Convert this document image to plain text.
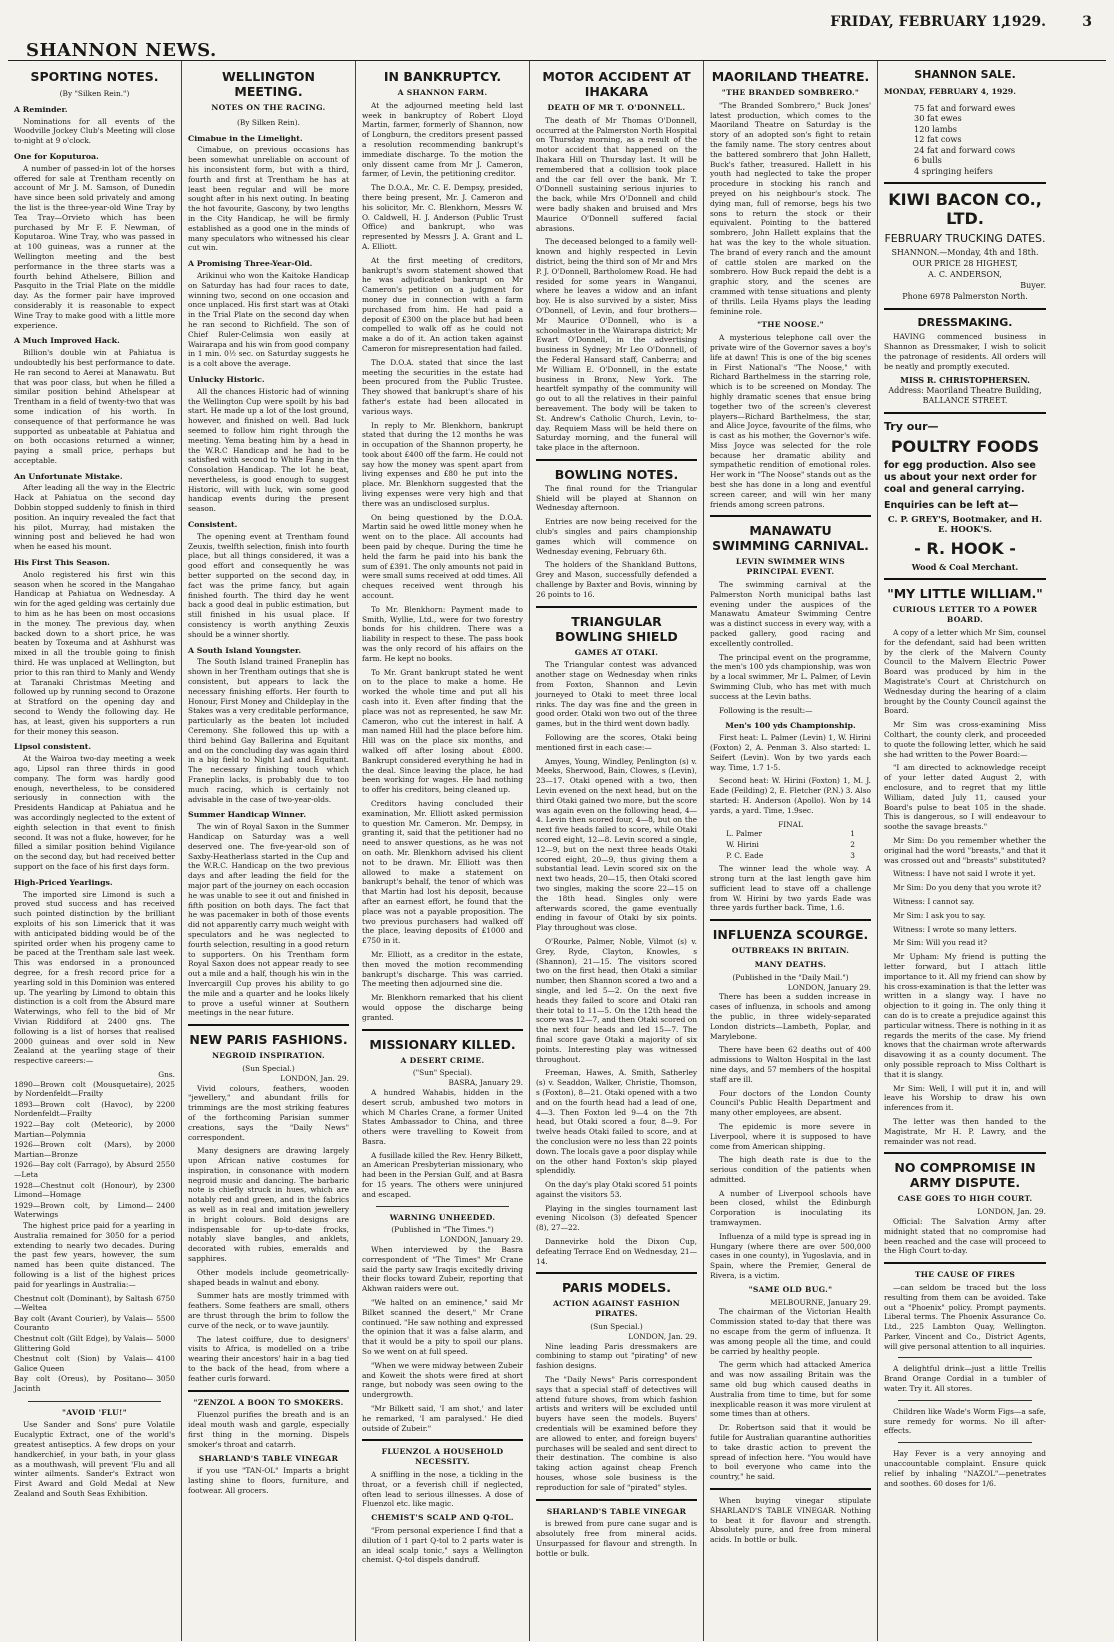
SHANNON NEWS.
FRIDAY, FEBRUARY 1,
1929.	3
SPORTING NOTES.
(By "Silken Rein.")
A Reminder.

Nominations for all events of the Woodville Jockey Club's Meeting will close to-night at 9 o'clock.

One for Koputuroa.

A number of passed-in lot of the horses offered for sale at Trentham recently on account of Mr J. M. Samson, of Dunedin have since been sold privately and among the list is the three-year-old Wine Tray by Tea Tray—Orvieto which has been purchased by Mr F. F. Newman, of Koputaroa. Wine Tray, who was passed in at 100 guineas, was a runner at the Wellington meeting and the best performance in the three starts was a fourth behind Athelsere, Billion and Pasquito in the Trial Plate on the middle day. As the former pair have improved considerably it is reasonable to expect Wine Tray to make good with a little more experience.

A Much Improved Hack.

Billion's double win at Pahiatua is undoubtedly his best performance to date. He ran second to Aerei at Manawatu. But that was poor class, but when he filled a similar position behind Athelspear at Trentham in a field of twenty-two that was some indication of his worth. In consequence of that performance he was supported as unbeatable at Pahiatua and on both occasions returned a winner, paying a small price, perhaps but acceptable.

An Unfortunate Mistake.

After leading all the way in the Electric Hack at Pahiatua on the second day Dobbin stopped suddenly to finish in third position. An inquiry revealed the fact that his pilot, Murray, had mistaken the winning post and believed he had won when he eased his mount.

His First This Season.

Anolo registered his first win this season when he scored in the Mangahao Handicap at Pahiatua on Wednesday. A win for the aged gelding was certainly due to him as he has been on most occasions in the money. The previous day, when backed down to a short price, he was beaten by Toxeuma and at Ashhurst was mixed in all the trouble going to finish third. He was unplaced at Wellington, but prior to this ran third to Manly and Wendy at Taranaki Christmas Meeting and followed up by running second to Orazone at Stratford on the opening day and second to Wendy the following day. He has, at least, given his supporters a run for their money this season.

Lipsol consistent.

At the Wairoa two-day meeting a week ago, Lipsol ran three thirds in good company. The form was hardly good enough, nevertheless, to be considered seriously in connection with the Presidents Handicap at Pahiatua and he was accordingly neglected to the extent of eighth selection in that event to finish second. It was not a fluke, however, for he filled a similar position behind Vigilance on the second day, but had received better support on the face of his first days form.

High-Priced Yearlings.

The imported sire Limond is such a proved stud success and has received such pointed distinction by the brilliant exploits of his son Limerick that it was with anticipated bidding would be of the spirited order when his progeny came to be paced at the Trentham sale last week. This was endorsed in a pronounced degree, for a fresh record price for a yearling sold in this Dominion was entered up. The yearling by Limond to obtain this distinction is a colt from the Absurd mare Waterwings, who fell to the bid of Mr Vivian Riddiford at 2400 gns. The following is a list of horses that realised 2000 guineas and over sold in New Zealand at the yearling stage of their respective careers:—

Gns.
1890—Brown colt (Mousquetaire), by Nordenfeldt—Frailty	2025
1893—Brown colt (Havoc), by Nordenfeldt—Frailty	2200
1922—Bay colt (Meteoric), by Martian—Polymnia	2000
1926—Brown colt (Mars), by Martian—Bronze	2000
1926—Bay colt (Farrago), by Absurd—Leta	2550
1928—Chestnut colt (Honour), by Limond—Homage	2300
1929—Brown colt, by Limond—Waterwings	2400

The highest price paid for a yearling in Australia remained for 3050 for a period extending to nearly two decades. During the past few years, however, the sum named has been quite distanced. The following is a list of the highest prices paid for yearlings in Australia:—

Chestnut colt (Dominant), by Saltash—Weltea	6750
Bay colt (Avant Courier), by Valais—Couranto	5500
Chestnut colt (Gilt Edge), by Valais—Glittering Gold	5000
Chestnut colt (Sion) by Valais—Galice Queen	4100
Bay colt (Oreus), by Positano—Jacinth	3050
"AVOID 'FLU!"

Use Sander and Sons' pure Volatile Eucalyptic Extract, one of the world's greatest antiseptics. A few drops on your handkerchief, in your bath, in your glass as a mouthwash, will prevent 'Flu and all winter ailments. Sander's Extract won First Award and Gold Medal at New Zealand and South Seas Exhibition.

WELLINGTON MEETING.
NOTES ON THE RACING.
(By Silken Rein).
Cimabue in the Limelight.

Cimabue, on previous occasions has been somewhat unreliable on account of his inconsistent form, but with a third, fourth and first at Trentham he has at least been regular and will be more sought after in his next outing. In beating the hot favourite, Gascony, by two lengths in the City Handicap, he will be firmly established as a good one in the minds of many speculators who witnessed his clear cut win.

A Promising Three-Year-Old.

Arikinui who won the Kaitoke Handicap on Saturday has had four races to date, winning two, second on one occasion and once unplaced. His first start was at Otaki in the Trial Plate on the second day when he ran second to Richfield. The son of Chief Ruler-Celimsia won easily at Wairarapa and his win from good company in 1 min. 0½ sec. on Saturday suggests he is a colt above the average.

Unlucky Historic.

All the chances Historic had of winning the Wellington Cup were spoilt by his bad start. He made up a lot of the lost ground, however, and finished on well. Bad luck seemed to follow him right through the meeting. Yema beating him by a head in the W.R.C Handicap and he had to be satisfied with second to White Fang in the Consolation Handicap. The lot he beat, nevertheless, is good enough to suggest Historic, will with luck, win some good handicap events during the present season.

Consistent.

The opening event at Trentham found Zeuxis, twelfth selection, finish into fourth place, but all things considered, it was a good effort and consequently he was better supported on the second day, in fact was the prime fancy, but again finished fourth. The third day he went back a good deal in public estimation, but still finished in his usual place. If consistency is worth anything Zeuxis should be a winner shortly.

A South Island Youngster.

The South Island trained Franeplin has shown in her Trentham outings that she is consistent, but appears to lack the necessary finishing efforts. Her fourth to Honour, First Money and Childeplay in the Stakes was a very creditable performance, particularly as the beaten lot included Ceremony. She followed this up with a third behind Gay Ballerina and Equitant and on the concluding day was again third in a big field to Night Lad and Equitant. The necessary finishing touch which Franeplin lacks, is probably due to too much racing, which is certainly not advisable in the case of two-year-olds.

Summer Handicap Winner.

The win of Royal Saxon in the Summer Handicap on Saturday was a well deserved one. The five-year-old son of Saxby-Heatherlass started in the Cup and the W.R.C. Handicap on the two previous days and after leading the field for the major part of the journey on each occasion he was unable to see it out and finished in fifth position on both days. The fact that he was pacemaker in both of those events did not apparently carry much weight with speculators and he was neglected to fourth selection, resulting in a good return to supporters. On his Trentham form Royal Saxon does not appear ready to see out a mile and a half, though his win in the Invercargill Cup proves his ability to go the mile and a quarter and he looks likely to prove a useful winner at Southern meetings in the near future.

NEW PARIS FASHIONS.
NEGROID INSPIRATION.
(Sun Special.)
LONDON, Jan. 29.

Vivid colours, feathers, wooden "jewellery," and abundant frills for trimmings are the most striking features of the forthcoming Parisian summer creations, says the "Daily News" correspondent.

Many designers are drawing largely upon African native costumes for inspiration, in consonance with modern negroid music and dancing. The barbaric note is chiefly struck in hues, which are notably red and green, and in the fabrics as well as in real and imitation jewellery in bright colours. Bold designs are indispensable for up-to-date frocks, notably slave bangles, and anklets, decorated with rubies, emeralds and sapphires.

Other models include geometrically-shaped beads in walnut and ebony.

Summer hats are mostly trimmed with feathers. Some feathers are small, others are thrust through the brim to follow the curve of the neck, or to wave jauntily.

The latest coiffure, due to designers' visits to Africa, is modelled on a tribe wearing their ancestors' hair in a bag tied to the back of the head, from where a feather curls forward.

"ZENZOL A BOON TO SMOKERS.

Fluenzol purifies the breath and is an ideal mouth wash and gargle, especially first thing in the morning. Dispels smoker's throat and catarrh.

SHARLAND'S TABLE VINEGAR

if you use "TAN-OL" Imparts a bright lasting shine to floors, furniture, and footwear. All grocers.

IN BANKRUPTCY.
A SHANNON FARM.

At the adjourned meeting held last week in bankruptcy of Robert Lloyd Martin, farmer, formerly of Shannon, now of Longburn, the creditors present passed a resolution recommending bankrupt's immediate discharge. To the motion the only dissent came from Mr J. Cameron, farmer, of Levin, the petitioning creditor.

The D.O.A., Mr. C. E. Dempsy, presided, there being present, Mr. J. Cameron and his solicitor, Mr. C. Blenkhorn, Messrs W. O. Caldwell, H. J. Anderson (Public Trust Office) and bankrupt, who was represented by Messrs J. A. Grant and L. A. Elliott.

At the first meeting of creditors, bankrupt's sworn statement showed that he was adjudicated bankrupt on Mr Cameron's petition on a judgment for money due in connection with a farm purchased from him. He had paid a deposit of £300 on the place but had been compelled to walk off as he could not make a do of it. An action taken against Cameron for misrepresentation had failed.

The D.O.A. stated that since the last meeting the securities in the estate had been procured from the Public Trustee. They showed that bankrupt's share of his father's estate had been allocated in various ways.

In reply to Mr. Blenkhorn, bankrupt stated that during the 12 months he was in occupation of the Shannon property, he took about £400 off the farm. He could not say how the money was spent apart from living expenses and £80 he put into the place. Mr. Blenkhorn suggested that the living expenses were very high and that there was an undisclosed surplus.

On being questioned by the D.O.A. Martin said he owed little money when he went on to the place. All accounts had been paid by cheque. During the time he held the farm he paid into his bank the sum of £391. The only amounts not paid in were small sums received at odd times. All cheques received went through his account.

To Mr. Blenkhorn: Payment made to Smith, Wyllie, Ltd., were for two forestry bonds for his children. There was a liability in respect to these. The pass book was the only record of his affairs on the farm. He kept no books.

To Mr. Grant bankrupt stated he went on to the place to make a home. He worked the whole time and put all his cash into it. Even after finding that the place was not as represented, he saw Mr. Cameron, who cut the interest in half. A man named Hill had the place before him. Hill was on the place six months, and walked off after losing about £800. Bankrupt considered everything he had in the deal. Since leaving the place, he had been working for wages. He had nothing to offer his creditors, being cleaned up.

Creditors having concluded their examination, Mr. Elliott asked permission to question Mr. Cameron. Mr. Dempsy, in granting it, said that the petitioner had no need to answer questions, as he was not on oath. Mr. Blenkhorn advised his client not to be drawn. Mr. Elliott was then allowed to make a statement on bankrupt's behalf, the tenor of which was that Martin had lost his deposit, because after an earnest effort, he found that the place was not a payable proposition. The two previous purchasers had walked off the place, leaving deposits of £1000 and £750 in it.

Mr. Elliott, as a creditor in the estate, then moved the motion recommending bankrupt's discharge. This was carried. The meeting then adjourned sine die.

Mr. Blenkhorn remarked that his client would oppose the discharge being granted.

MISSIONARY KILLED.
A DESERT CRIME.
("Sun" Special).
BASRA, January 29.

A hundred Wahabis, hidden in the desert scrub, ambushed two motors in which M Charles Crane, a former United States Ambassador to China, and three others were travelling to Koweit from Basra.

A fusillade killed the Rev. Henry Bilkett, an American Presbyterian missionary, who had been in the Persian Gulf, and at Basra for 15 years. The others were uninjured and escaped.

WARNING UNHEEDED.
(Published in "The Times.")
LONDON, January 29.

When interviewed by the Basra correspondent of "The Times" Mr Crane said the party saw Iraqis excitedly driving their flocks toward Zubeir, reporting that Akhwan raiders were out.

"We halted on an eminence," said Mr Bilket scanned the desert," Mr Crane continued. "He saw nothing and expressed the opinion that it was a false alarm, and that it would be a pity to spoil our plans. So we went on at full speed.

"When we were midway between Zubeir and Koweit the shots were fired at short range, but nobody was seen owing to the undergrowth.

"Mr Bilkett said, 'I am shot,' and later he remarked, 'I am paralysed.' He died outside of Zubeir."

FLUENZOL A HOUSEHOLD NECESSITY.

A sniffling in the nose, a tickling in the throat, or a feverish chill if neglected, often lead to serious illnesses. A dose of Fluenzol etc. like magic.

CHEMIST'S SCALP AND Q-TOL.

"From personal experience I find that a dilution of 1 part Q-tol to 2 parts water is an ideal scalp tonic," says a Wellington chemist. Q-tol dispels dandruff.

MOTOR ACCIDENT AT IHAKARA
DEATH OF MR T. O'DONNELL.

The death of Mr Thomas O'Donnell, occurred at the Palmerston North Hospital on Thursday morning, as a result of the motor accident that happened on the Ihakara Hill on Thursday last. It will be remembered that a collision took place and the car fell over the bank. Mr T. O'Donnell sustaining serious injuries to the back, while Mrs O'Donnell and child were badly shaken and bruised and Mrs Maurice O'Donnell suffered facial abrasions.

The deceased belonged to a family well-known and highly respected in Levin district, being the third son of Mr and Mrs P. J. O'Donnell, Bartholomew Road. He had resided for some years in Wanganui, where he leaves a widow and an infant boy. He is also survived by a sister, Miss O'Donnell, of Levin, and four brothers—Mr Maurice O'Donnell, who is a schoolmaster in the Wairarapa district; Mr Ewart O'Donnell, in the advertising business in Sydney; Mr Leo O'Donnell, of the Federal Hansard staff, Canberra; and Mr William E. O'Donnell, in the estate business in Bronx, New York. The heartfelt sympathy of the community will go out to all the relatives in their painful bereavement. The body will be taken to St. Andrew's Catholic Church, Levin, to-day. Requiem Mass will be held there on Saturday morning, and the funeral will take place in the afternoon.

BOWLING NOTES.

The final round for the Triangular Shield will be played at Shannon on Wednesday afternoon.

Entries are now being received for the club's singles and pairs championship games which will commence on Wednesday evening, February 6th.

The holders of the Shankland Buttons, Grey and Mason, successfully defended a challenge by Baxter and Bovis, winning by 26 points to 16.

TRIANGULAR BOWLING SHIELD
GAMES AT OTAKI.

The Triangular contest was advanced another stage on Wednesday when rinks from Foxton, Shannon and Levin journeyed to Otaki to meet three local rinks. The day was fine and the green in good order. Otaki won two out of the three games, but in the third went down badly.

Following are the scores, Otaki being mentioned first in each case:—

Amyes, Young, Windley, Penlington (s) v. Meeks, Sherwood, Bain, Clowes, s (Levin), 23—17. Otaki opened with a two, then Levin evened on the next head, but on the third Otaki gained two more, but the score was again even on the following head, 4—4. Levin then scored four, 4—8, but on the next five heads failed to score, while Otaki scored eight, 12—8. Levin scored a single, 12—9, but on the next three heads Otaki scored eight, 20—9, thus giving them a substantial lead. Levin scored six on the next two heads, 20—15, then Otaki scored two singles, making the score 22—15 on the 18th head. Singles only were afterwards scored, the game eventually ending in favour of Otaki by six points. Play throughout was close.

O'Rourke, Palmer, Noble, Vilmot (s) v. Grey, Ryde, Clayton, Knowles, s (Shannon), 21—15. The visitors scored two on the first head, then Otaki a similar number, then Shannon scored a two and a single, and led 5—2. On the next five heads they failed to score and Otaki ran their total to 11—5. On the 12th head the score was 12—7, and then Otaki scored on the next four heads and led 15—7. The final score gave Otaki a majority of six points. Interesting play was witnessed throughout.

Freeman, Hawes, A. Smith, Satherley (s) v. Seaddon, Walker, Christie, Thomson, s (Foxton), 8—21. Otaki opened with a two and on the fourth head had a lead of one, 4—3. Then Foxton led 9—4 on the 7th head, but Otaki scored a four, 8—9. For twelve heads Otaki failed to score, and at the conclusion were no less than 22 points down. The locals gave a poor display while on the other hand Foxton's skip played splendidly.

On the day's play Otaki scored 51 points against the visitors 53.

Playing in the singles tournament last evening Nicolson (3) defeated Spencer (8), 27—22.

Dannevirke hold the Dixon Cup, defeating Terrace End on Wednesday, 21—14.

PARIS MODELS.
ACTION AGAINST FASHION PIRATES.
(Sun Special.)
LONDON, Jan. 29.

Nine leading Paris dressmakers are combining to stamp out "pirating" of new fashion designs.

The "Daily News" Paris correspondent says that a special staff of detectives will attend future shows, from which fashion artists and writers will be excluded until buyers have seen the models. Buyers' credentials will be examined before they are allowed to enter, and foreign buyers' purchases will be sealed and sent direct to their destination. The combine is also taking action against cheap French houses, whose sole business is the reproduction for sale of "pirated" styles.

SHARLAND'S TABLE VINEGAR

is brewed from pure cane sugar and is absolutely free from mineral acids. Unsurpassed for flavour and strength. In bottle or bulk.

MAORILAND THEATRE.
"THE BRANDED SOMBRERO."

"The Branded Sombrero," Buck Jones' latest production, which comes to the Maoriland Theatre on Saturday is the story of an adopted son's fight to retain the family name. The story centres about the battered sombrero that John Hallett, Buck's father, treasured. Hallett in his youth had neglected to take the proper procedure in stocking his ranch and preyed on his neighbour's stock. The dying man, full of remorse, begs his two sons to return the stock or their equivalent. Pointing to the battered sombrero, John Hallett explains that the hat was the key to the whole situation. The brand of every ranch and the amount of cattle stolen are marked on the sombrero. How Buck repaid the debt is a graphic story, and the scenes are crammed with tense situations and plenty of thrills. Leila Hyams plays the leading feminine role.

"THE NOOSE."

A mysterious telephone call over the private wire of the Governor saves a boy's life at dawn! This is one of the big scenes in First National's "The Noose," with Richard Barthelmess in the starring role, which is to be screened on Monday. The highly dramatic scenes that ensue bring together two of the screen's cleverest players—Richard Barthelmess, the star, and Alice Joyce, favourite of the films, who is cast as his mother, the Governor's wife. Miss Joyce was selected for the role because her dramatic ability and sympathetic rendition of emotional roles. Her work in "The Noose" stands out as the best she has done in a long and eventful screen career, and will win her many friends among screen patrons.

MANAWATU SWIMMING CARNIVAL.
LEVIN SWIMMER WINS PRINCIPAL EVENT.

The swimming carnival at the Palmerston North municipal baths last evening under the auspices of the Manawatu Amateur Swimming Centre was a distinct success in every way, with a packed gallery, good racing and excellently controlled.

The principal event on the programme, the men's 100 yds championship, was won by a local swimmer, Mr L. Palmer, of Levin Swimming Club, who has met with much success at the Levin baths.

Following is the result:—

Men's 100 yds Championship.

First heat: L. Palmer (Levin) 1, W. Hirini (Foxton) 2, A. Penman 3. Also started: L. Seifert (Levin). Won by two yards each way. Time, 1.7 1-5.

Second heat: W. Hirini (Foxton) 1, M. J. Eade (Feilding) 2, E. Fletcher (P.N.) 3. Also started: H. Anderson (Apollo). Won by 14 yards, a yard. Time, 1.9sec.

FINAL
L. Palmer	1
W. Hirini	2
P. C. Eade	3

The winner lead the whole way. A strong turn at the last length gave him sufficient lead to stave off a challenge from W. Hirini by two yards Eade was three yards further back. Time, 1.6.

INFLUENZA SCOURGE.
OUTBREAKS IN BRITAIN.
MANY DEATHS.
(Published in the "Daily Mail.")
LONDON, January 29.

There has been a sudden increase in cases of influenza, in schools and among the public, in three widely-separated London districts—Lambeth, Poplar, and Marylebone.

There have been 62 deaths out of 400 admissions to Walton Hospital in the last nine days, and 57 members of the hospital staff are ill.

Four doctors of the London County Council's Public Health Department and many other employees, are absent.

The epidemic is more severe in Liverpool, where it is supposed to have come from American shipping.

The high death rate is due to the serious condition of the patients when admitted.

A number of Liverpool schools have been closed, whilst the Edinburgh Corporation is inoculating its tramwaymen.

Influenza of a mild type is spread ing in Hungary (where there are over 500,000 cases in one county), in Yugoslavia, and in Spain, where the Premier, General de Rivera, is a victim.

"SAME OLD BUG."
MELBOURNE, January 29.

The chairman of the Victorian Health Commission stated to-day that there was no escape from the germ of influenza. It was among people all the time, and could be carried by healthy people.

The germ which had attacked America and was now assailing Britain was the same old bug which caused deaths in Australia from time to time, but for some inexplicable reason it was more virulent at some times than at others.

Dr. Robertson said that it would be futile for Australian quarantine authorities to take drastic action to prevent the spread of infection here. "You would have to boil everyone who came into the country," he said.

When buying vinegar stipulate SHARLAND'S TABLE VINEGAR. Nothing to beat it for flavour and strength. Absolutely pure, and free from mineral acids. In bottle or bulk.

SHANNON SALE.
MONDAY, FEBRUARY 4, 1929.
75 fat and forward ewes
30 fat ewes
120 lambs
12 fat cows
24 fat and forward cows
6 bulls
4 springing heifers
KIWI BACON CO., LTD.
FEBRUARY TRUCKING DATES.
SHANNON.—Monday, 4th and 18th.
OUR PRICE 28 HIGHEST,
A. C. ANDERSON,
Buyer.
Phone 6978 Palmerston North.
DRESSMAKING.

HAVING commenced business in Shannon as Dressmaker, I wish to solicit the patronage of residents. All orders will be neatly and promptly executed.

MISS R. CHRISTOPHERSEN.
Address: Maoriland Theatre Building, BALLANCE STREET.
Try our—
POULTRY FOODS
for egg production. Also see us about your next order for coal and general carrying.
Enquiries can be left at—
C. P. GREY'S, Bootmaker, and H. E. HOOK'S.
- R. HOOK -
Wood & Coal Merchant.
"MY LITTLE WILLIAM."
CURIOUS LETTER TO A POWER BOARD.

A copy of a letter which Mr Sim, counsel for the defendant, said had been written by the clerk of the Malvern County Council to the Malvern Electric Power Board was produced by him in the Magistrate's Court at Christchurch on Wednesday during the hearing of a claim brought by the County Council against the Board.

Mr Sim was cross-examining Miss Colthart, the county clerk, and proceeded to quote the following letter, which he said she had written to the Power Board:—

"I am directed to acknowledge receipt of your letter dated August 2, with enclosure, and to regret that my little William, dated July 11, caused your Board's pulse to beat 105 in the shade. This is dangerous, so I will endeavour to soothe the savage breasts."

Mr Sim: Do you remember whether the original had the word "breasts," and that it was crossed out and "breasts" substituted?

Witness: I have not said I wrote it yet.

Mr Sim: Do you deny that you wrote it?

Witness: I cannot say.

Mr Sim: I ask you to say.

Witness: I wrote so many letters.

Mr Sim: Will you read it?

Mr Upham: My friend is putting the letter forward, but I attach little importance to it. All my friend can show by his cross-examination is that the letter was written in a slangy way. I have no objection to it going in. The only thing it can do is to create a prejudice against this particular witness. There is nothing in it as regards the merits of the case. My friend knows that the chairman wrote afterwards disavowing it as a county document. The only possible reproach to Miss Colthart is that it is slangy.

Mr Sim: Well, I will put it in, and will leave his Worship to draw his own inferences from it.

The letter was then handed to the Magistrate, Mr H. P. Lawry, and the remainder was not read.

NO COMPROMISE IN ARMY DISPUTE.
CASE GOES TO HIGH COURT.
LONDON, Jan. 29.

Official: The Salvation Army after midnight stated that no compromise had been reached and the case will proceed to the High Court to-day.

THE CAUSE OF FIRES

—can seldom be traced but the loss resulting from them can be avoided. Take out a "Phoenix" policy. Prompt payments. Liberal terms. The Phoenix Assurance Co. Ltd., 225 Lambton Quay, Wellington. Parker, Vincent and Co., District Agents, will give personal attention to all inquiries.

A delightful drink—just a little Trellis Brand Orange Cordial in a tumbler of water. Try it. All stores.

Children like Wade's Worm Figs—a safe, sure remedy for worms. No ill after-effects.

Hay Fever is a very annoying and unaccountable complaint. Ensure quick relief by inhaling "NAZOL"—penetrates and soothes. 60 doses for 1/6.
